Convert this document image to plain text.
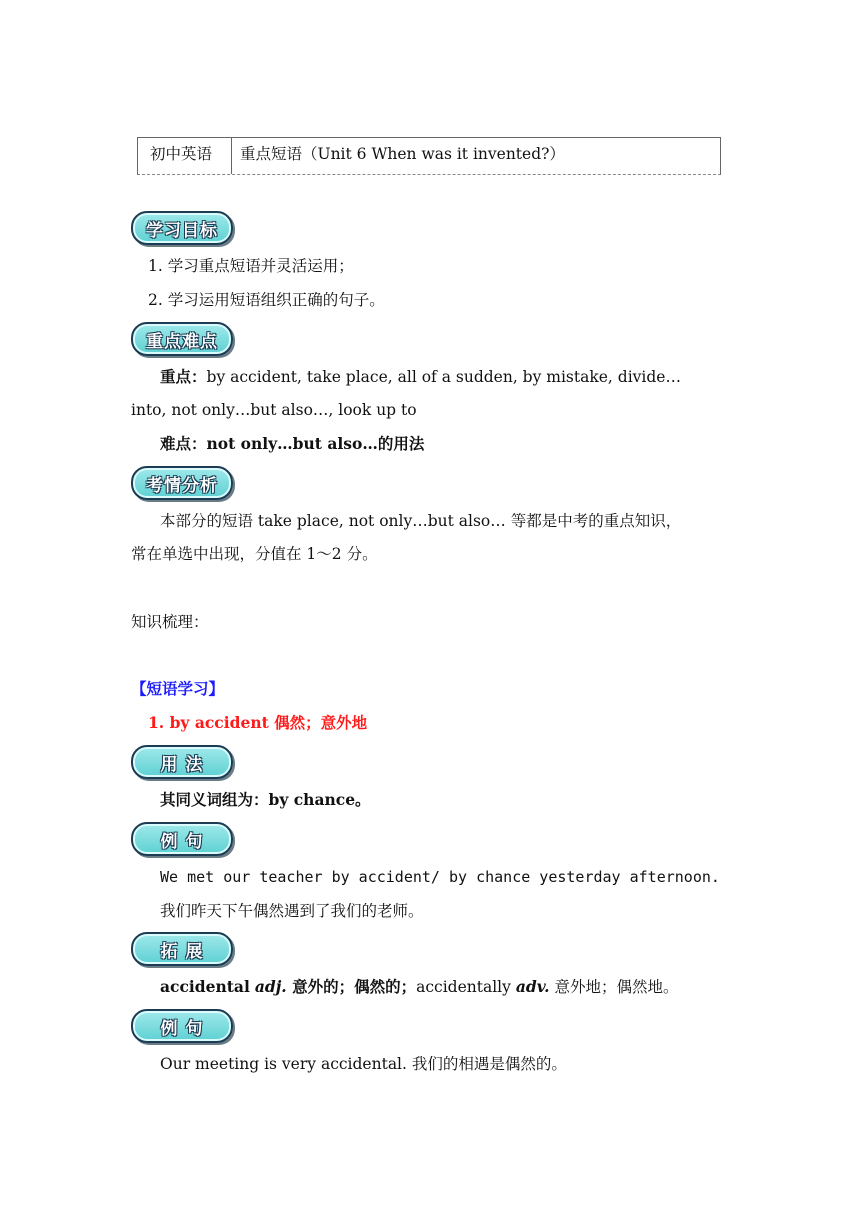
初中英语	重点短语（Unit 6 When was it invented?）
学习目标
1. 学习重点短语并灵活运用；
2. 学习运用短语组织正确的句子。
重点难点
重点：by accident, take place, all of a sudden, by mistake, divide…
into, not only…but also…, look up to
难点：not only…but also…的用法
考情分析
本部分的短语 take place, not only…but also… 等都是中考的重点知识，
常在单选中出现，分值在 1～2 分。
知识梳理：
【短语学习】
1. by accident 偶然；意外地
用 法
其同义词组为：by chance。
例 句
We met our teacher by accident/ by chance yesterday afternoon.
我们昨天下午偶然遇到了我们的老师。
拓 展
accidental adj. 意外的；偶然的；accidentally adv. 意外地；偶然地。
例 句
Our meeting is very accidental. 我们的相遇是偶然的。
